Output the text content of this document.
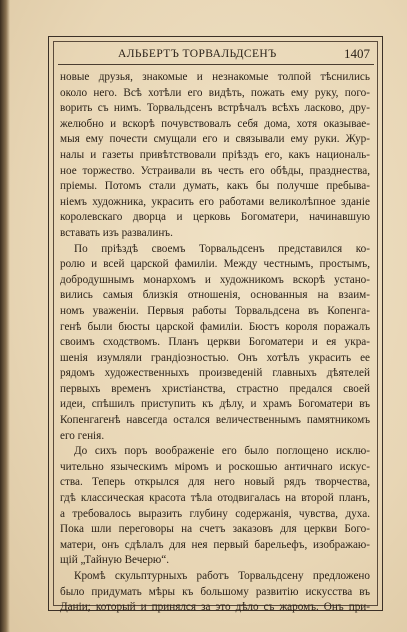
АЛЬБЕРТЪ ТОРВАЛЬДСЕНЪ	1407
новые друзья, знакомые и незнакомые толпой тѣснились
около него. Всѣ хотѣли его видѣть, пожать ему руку, пого-
ворить съ нимъ. Торвальдсенъ встрѣчалъ всѣхъ ласково, дру-
желюбно и вскорѣ почувствовалъ себя дома, хотя оказывае-
мыя ему почести смущали его и связывали ему руки. Жур-
налы и газеты привѣтствовали пріѣздъ его, какъ националь-
ное торжество. Устраивали въ честь его обѣды, празднества,
пріемы. Потомъ стали думать, какъ бы получше пребыва-
ніемъ художника, украсить его работами великолѣпное зданіе
королевскаго дворца и церковь Богоматери, начинавшую
вставать изъ развалинъ.
По пріѣздѣ своемъ Торвальдсенъ представился ко-
ролю и всей царской фамиліи. Между честнымъ, простымъ,
добродушнымъ монархомъ и художникомъ вскорѣ устано-
вились самыя близкія отношенія, основанныя на взаим-
номъ уваженіи. Первыя работы Торвальдсена въ Копенга-
генѣ были бюсты царской фамиліи. Бюстъ короля поражалъ
своимъ сходствомъ. Планъ церкви Богоматери и ея укра-
шенія изумляли грандіозностью. Онъ хотѣлъ украсить ее
рядомъ художественныхъ произведеній главныхъ дѣятелей
первыхъ временъ христіанства, страстно предался своей
идеи, спѣшилъ приступить къ дѣлу, и храмъ Богоматери въ
Копенгагенѣ навсегда остался величественнымъ памятникомъ
его генія.
До сихъ поръ воображеніе его было поглощено исклю-
чительно языческимъ міромъ и роскошью античнаго искус-
ства. Теперь открылся для него новый рядъ творчества,
гдѣ классическая красота тѣла отодвигалась на второй планъ,
а требовалось выразить глубину содержанія, чувства, духа.
Пока шли переговоры на счетъ заказовъ для церкви Бого-
матери, онъ сдѣлалъ для нея первый барельефъ, изображаю-
щій „Тайную Вечерю“.
Кромѣ скульптурныхъ работъ Торвальдсену предложено
было придумать мѣры къ большому развитію искусства въ
Даніи; который и принялся за это дѣло съ жаромъ. Онъ при-
